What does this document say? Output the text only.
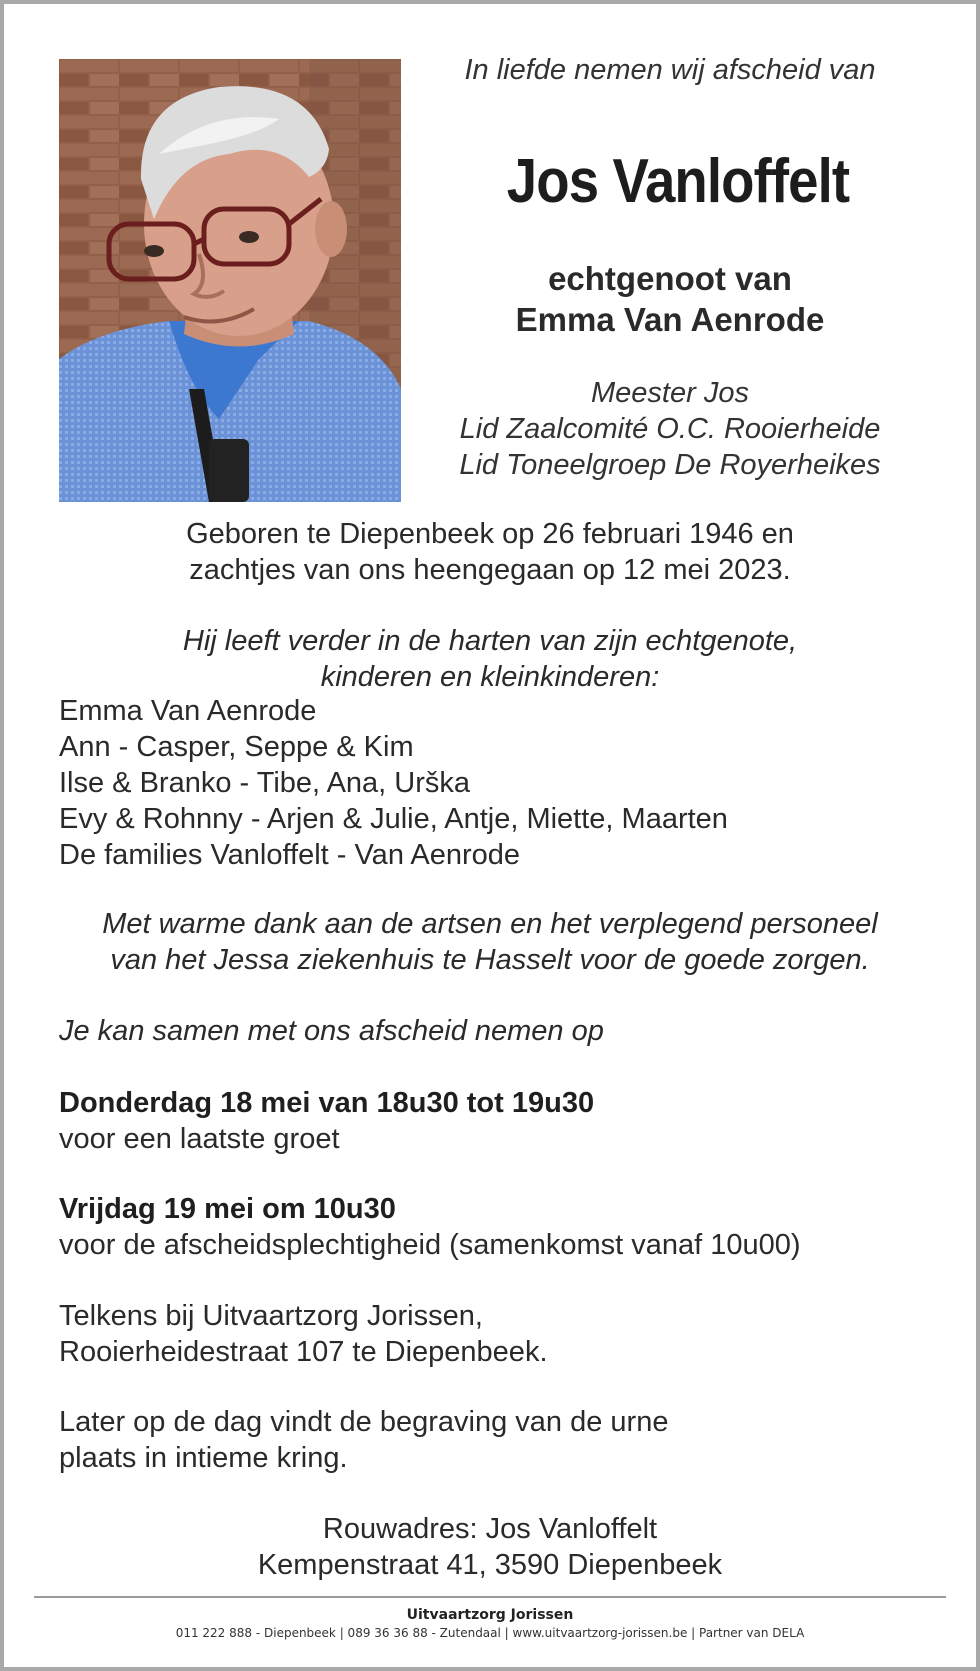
In liefde nemen wij afscheid van
Jos Vanloffelt
echtgenoot van
Emma Van Aenrode
Meester Jos
Lid Zaalcomité O.C. Rooierheide
Lid Toneelgroep De Royerheikes
Geboren te Diepenbeek op 26 februari 1946 en
zachtjes van ons heengegaan op 12 mei 2023.
Hij leeft verder in de harten van zijn echtgenote,
kinderen en kleinkinderen:
Emma Van Aenrode
Ann - Casper, Seppe & Kim
Ilse & Branko - Tibe, Ana, Urška
Evy & Rohnny - Arjen & Julie, Antje, Miette, Maarten
De families Vanloffelt - Van Aenrode
Met warme dank aan de artsen en het verplegend personeel
van het Jessa ziekenhuis te Hasselt voor de goede zorgen.
Je kan samen met ons afscheid nemen op
Donderdag 18 mei van 18u30 tot 19u30
voor een laatste groet
Vrijdag 19 mei om 10u30
voor de afscheidsplechtigheid (samenkomst vanaf 10u00)
Telkens bij Uitvaartzorg Jorissen,
Rooierheidestraat 107 te Diepenbeek.
Later op de dag vindt de begraving van de urne
plaats in intieme kring.
Rouwadres: Jos Vanloffelt
Kempenstraat 41, 3590 Diepenbeek
Uitvaartzorg Jorissen
011 222 888 - Diepenbeek | 089 36 36 88 - Zutendaal | www.uitvaartzorg-jorissen.be | Partner van DELA
